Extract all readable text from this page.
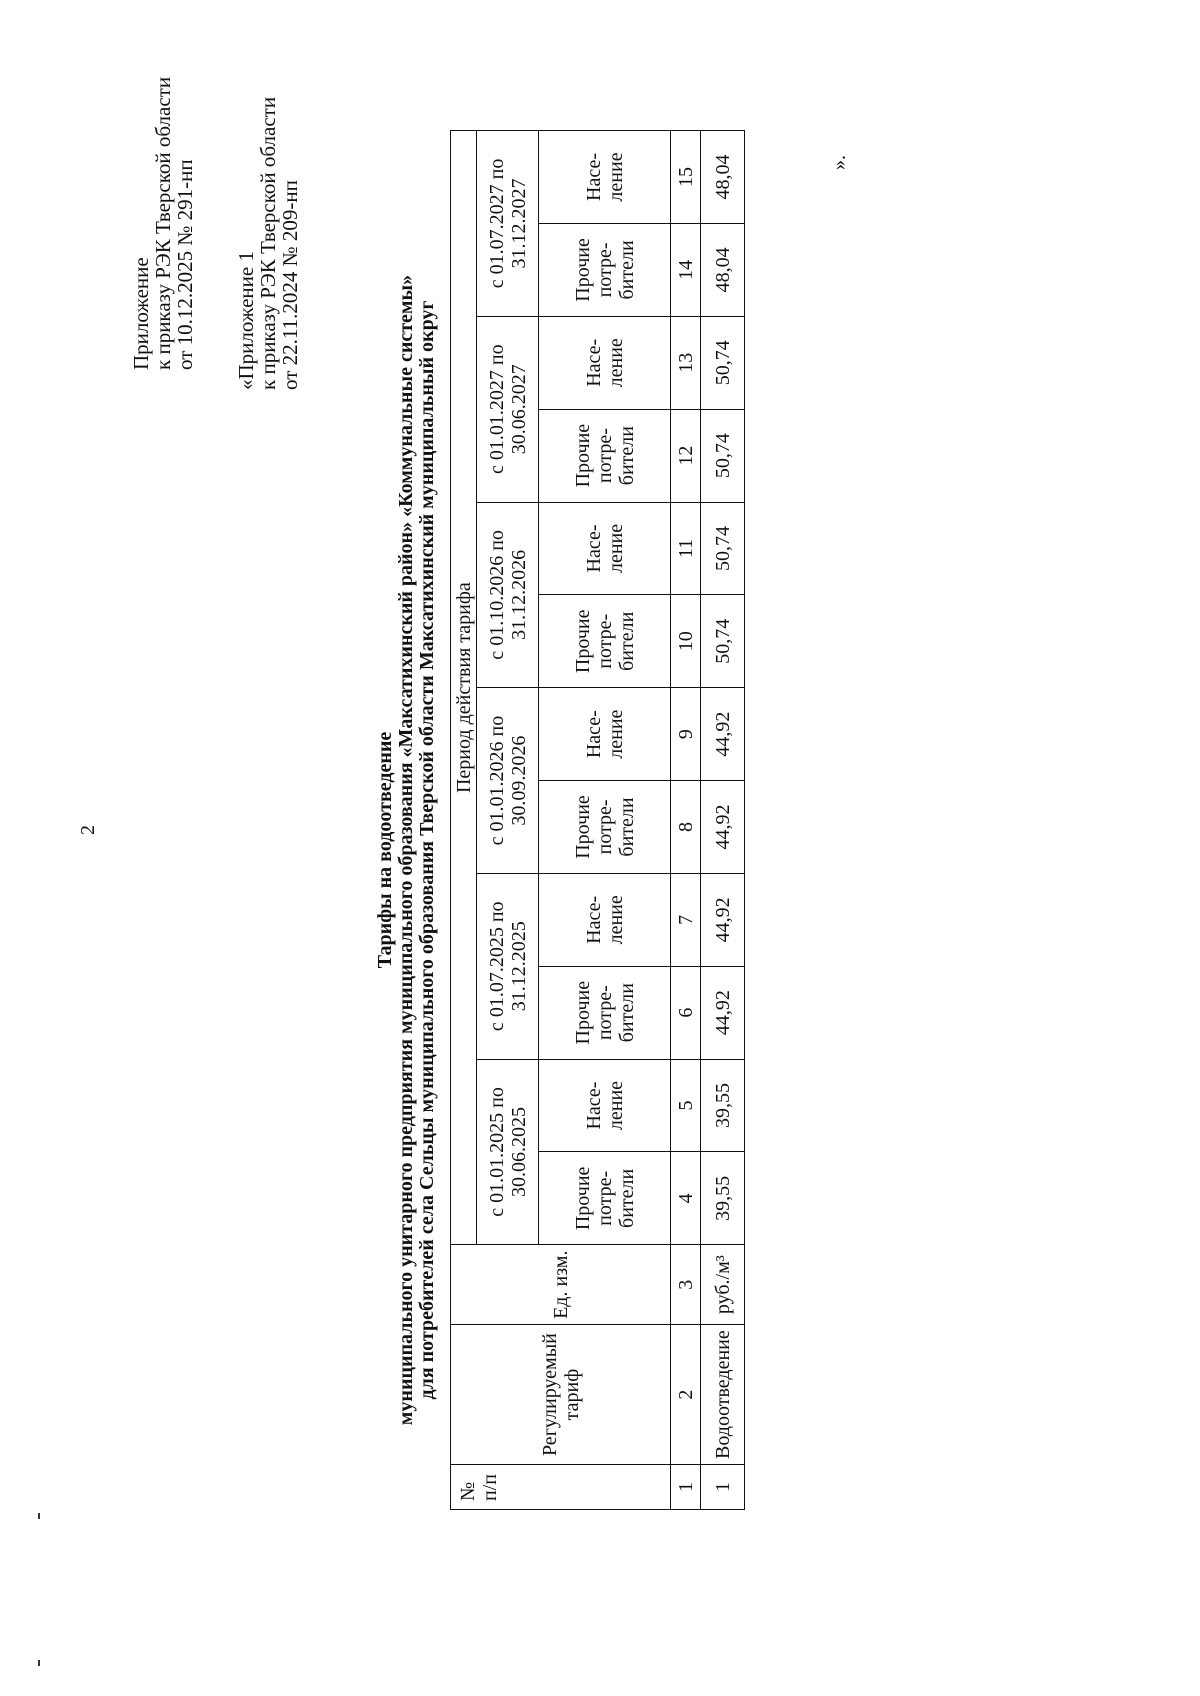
2
Приложение
к приказу РЭК Тверской области
от 10.12.2025 № 291-нп «Приложение 1
к приказу РЭК Тверской области
от 22.11.2024 № 209-нп
Тарифы на водоотведение муниципального унитарного предприятия муниципального образования «Максатихинский район» «Коммунальные системы» для потребителей села Сельцы муниципального образования Тверской области Максатихинский муниципальный округ
№ п/п	Регулируемый тариф	Ед. изм.	Период действия тарифа											
			с 01.01.2025 по 30.06.2025		с 01.07.2025 по 31.12.2025		с 01.01.2026 по 30.09.2026		с 01.10.2026 по 31.12.2026		с 01.01.2027 по 30.06.2027		с 01.07.2027 по 31.12.2027	
			Прочие потре-бители	Насе-ление	Прочие потре-бители	Насе-ление	Прочие потре-бители	Насе-ление	Прочие потре-бители	Насе-ление	Прочие потре-бители	Насе-ление	Прочие потре-бители	Насе-ление
1	2	3	4	5	6	7	8	9	10	11	12	13	14	15
1	Водоотведение	руб./м³	39,55	39,55	44,92	44,92	44,92	44,92	50,74	50,74	50,74	50,74	48,04	48,04	».
